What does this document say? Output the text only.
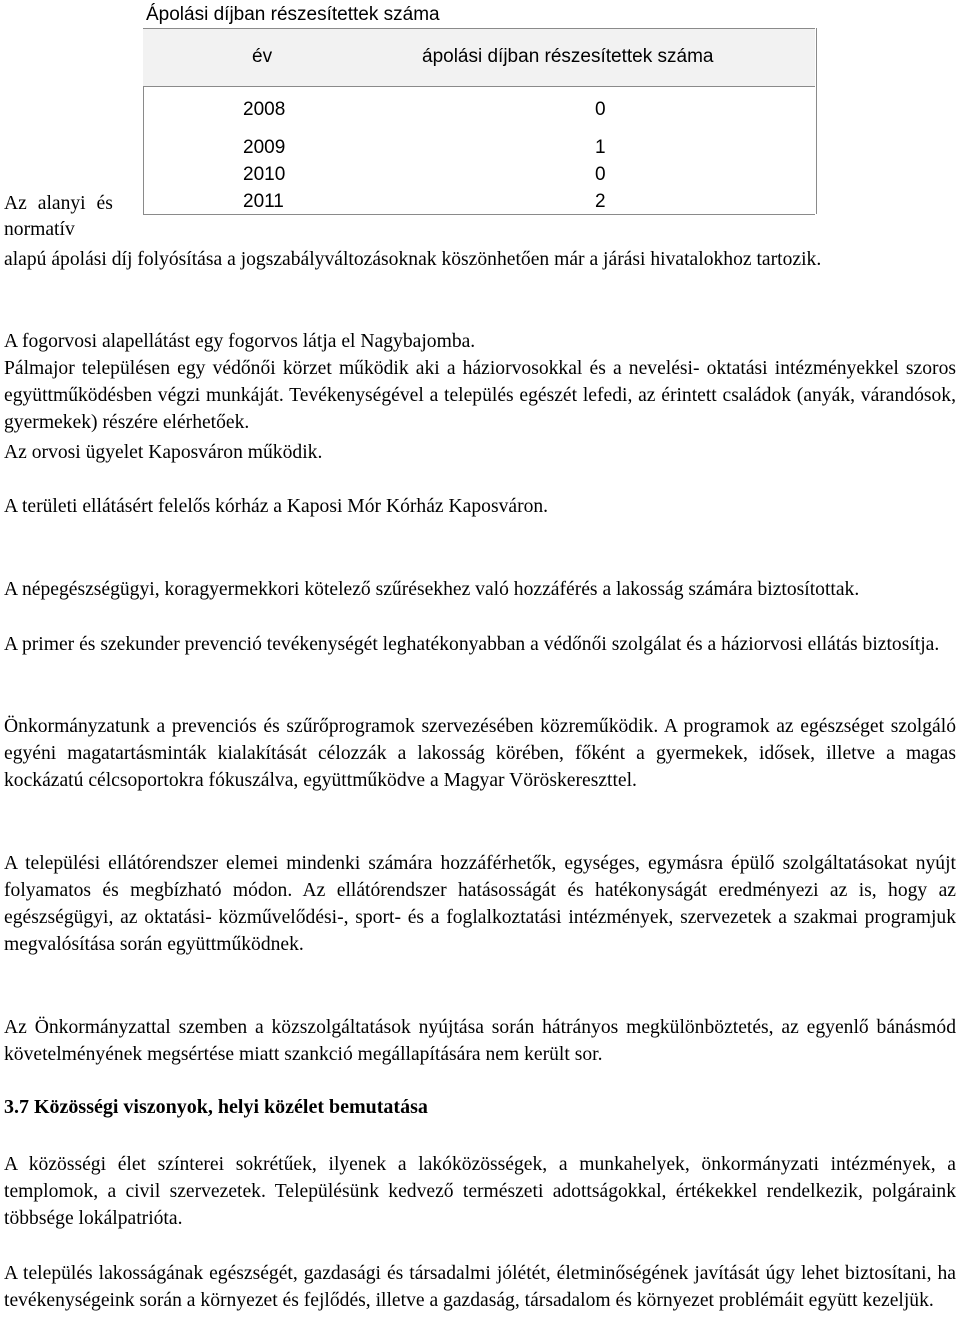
Ápolási díjban részesítettek száma
év	ápolási díjban részesítettek száma
2008	0
2009	1
2010	0
2011	2
Az alanyi és
normatív

alapú ápolási díj folyósítása a jogszabályváltozásoknak köszönhetően már a járási hivatalokhoz tartozik.

A fogorvosi alapellátást egy fogorvos látja el Nagybajomba.

Pálmajor településen egy védőnői körzet működik aki a háziorvosokkal és a nevelési- oktatási intézményekkel szoros együttműködésben végzi munkáját. Tevékenységével a település egészét lefedi, az érintett családok (anyák, várandósok, gyermekek) részére elérhetőek.

Az orvosi ügyelet Kaposváron működik.

A területi ellátásért felelős kórház a Kaposi Mór Kórház Kaposváron.

A népegészségügyi, koragyermekkori kötelező szűrésekhez való hozzáférés a lakosság számára biztosítottak.

A primer és szekunder prevenció tevékenységét leghatékonyabban a védőnői szolgálat és a háziorvosi ellátás biztosítja.

Önkormányzatunk a prevenciós és szűrőprogramok szervezésében közreműködik. A programok az egészséget szolgáló egyéni magatartásminták kialakítását célozzák a lakosság körében, főként a gyermekek, idősek, illetve a magas kockázatú célcsoportokra fókuszálva, együttműködve a Magyar Vöröskereszttel.

A települési ellátórendszer elemei mindenki számára hozzáférhetők, egységes, egymásra épülő szolgáltatásokat nyújt folyamatos és megbízható módon. Az ellátórendszer hatásosságát és hatékonyságát eredményezi az is, hogy az egészségügyi, az oktatási- közművelődési-, sport- és a foglalkoztatási intézmények, szervezetek a szakmai programjuk megvalósítása során együttműködnek.

Az Önkormányzattal szemben a közszolgáltatások nyújtása során hátrányos megkülönböztetés, az egyenlő bánásmód követelményének megsértése miatt szankció megállapítására nem került sor.

3.7 Közösségi viszonyok, helyi közélet bemutatása

A közösségi élet színterei sokrétűek, ilyenek a lakóközösségek, a munkahelyek, önkormányzati intézmények, a templomok, a civil szervezetek. Településünk kedvező természeti adottságokkal, értékekkel rendelkezik, polgáraink többsége lokálpatrióta.

A település lakosságának egészségét, gazdasági és társadalmi jólétét, életminőségének javítását úgy lehet biztosítani, ha tevékenységeink során a környezet és fejlődés, illetve a gazdaság, társadalom és környezet problémáit együtt kezeljük.
